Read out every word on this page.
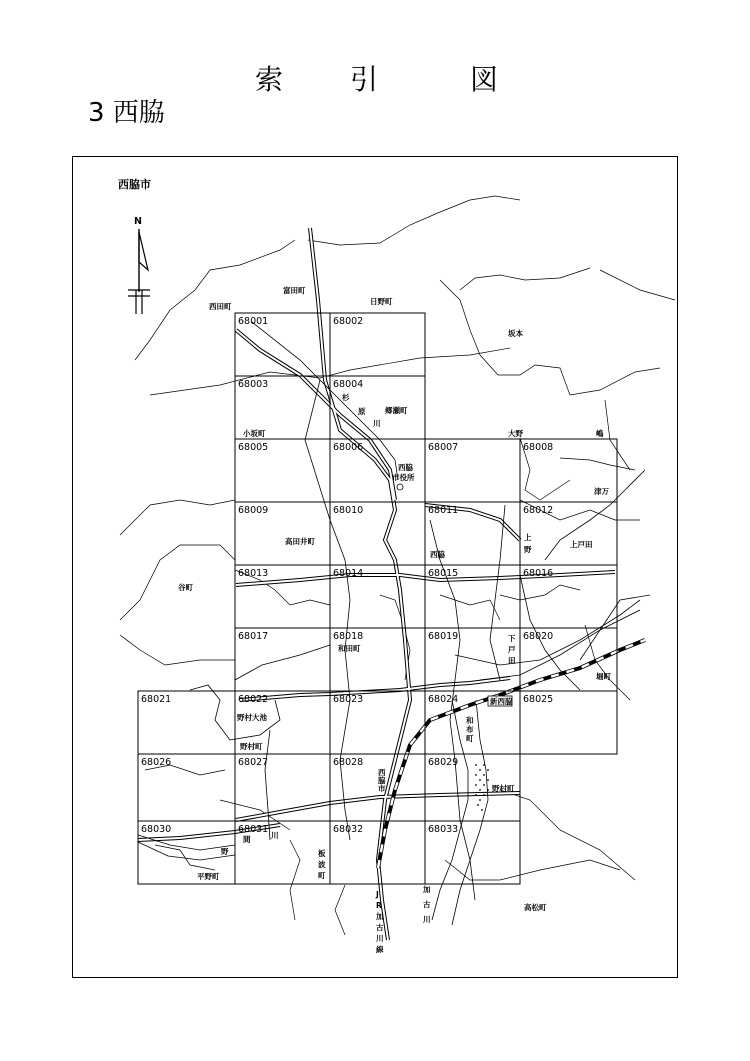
索 引	図
3 西脇
西脇市
N
新西脇
68001	68002
68003	68004
68005	68006	68007	68008
68009	68010	68011	68012
68013	68014	68015	68016
68017	68018	68019	68020
68021	68022	68023	68024	68025
68026	68027	68028	68029
68030	68031	68032	68033
西田町
富田町
日野町
坂本
杉
原
川
郷瀬町
小坂町	大野	嶋
西脇
市役所
津万
高田井町	上
野
上戸田
西脇
谷町
下
戸
田
和田町
堀町
野村大池
野村町
野村町
和
布
町
西
脇
市
野
間	川
平野町
板
波
町
J
R
加
古
川
線
加
古
川
高松町
